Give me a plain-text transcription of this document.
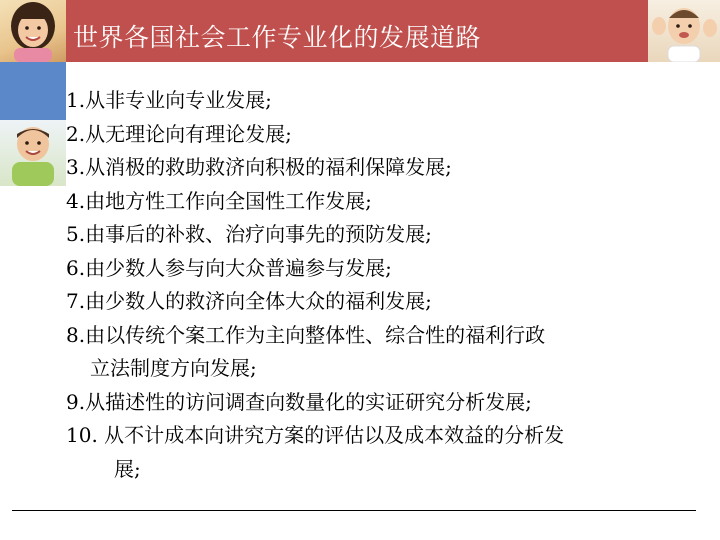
世界各国社会工作专业化的发展道路
1.从非专业向专业发展;
2.从无理论向有理论发展;
3.从消极的救助救济向积极的福利保障发展;
4.由地方性工作向全国性工作发展;
5.由事后的补救、治疗向事先的预防发展;
6.由少数人参与向大众普遍参与发展;
7.由少数人的救济向全体大众的福利发展;
8.由以传统个案工作为主向整体性、综合性的福利行政
立法制度方向发展;
9.从描述性的访问调查向数量化的实证研究分析发展;
10. 从不计成本向讲究方案的评估以及成本效益的分析发
展;
